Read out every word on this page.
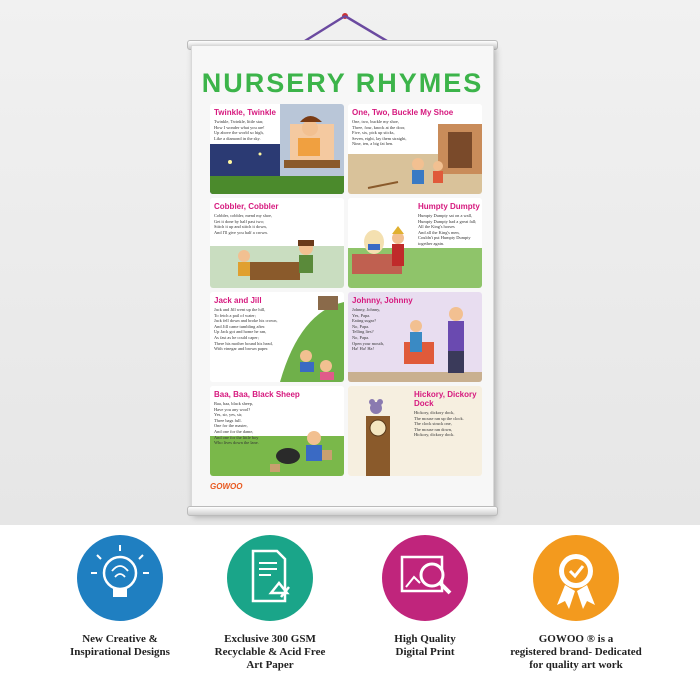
NURSERY RHYMES
Twinkle, Twinkle
Twinkle, Twinkle, little star,
How I wonder what you are!
Up above the world so high,
Like a diamond in the sky.
One, Two, Buckle My Shoe
One, two, buckle my shoe,
Three, four, knock at the door,
Five, six, pick up sticks,
Seven, eight, lay them straight,
Nine, ten, a big fat hen.
Cobbler, Cobbler
Cobbler, cobbler, mend my shoe,
Get it done by half past two;
Stitch it up and stitch it down,
And I'll give you half a crown.
Humpty Dumpty
Humpty Dumpty sat on a wall,
Humpty Dumpty had a great fall;
All the King's horses
And all the King's men,
Couldn't put Humpty Dumpty
together again.
Jack and Jill
Jack and Jill went up the hill,
To fetch a pail of water;
Jack fell down and broke his crown,
And Jill came tumbling after.
Up Jack got and home he ran,
As fast as he could caper;
There his mother bound his head,
With vinegar and brown paper.
Johnny, Johnny
Johnny, Johnny,
Yes, Papa.
Eating sugar?
No, Papa.
Telling lies?
No, Papa.
Open your mouth,
Ha! Ha! Ha!
Baa, Baa, Black Sheep
Baa, baa, black sheep,
Have you any wool?
Yes, sir, yes, sir,
Three bags full.
One for the master,
And one for the dame,
And one for the little boy
Who lives down the lane.
Hickory, Dickory Dock
Hickory, dickory dock,
The mouse ran up the clock.
The clock struck one,
The mouse ran down,
Hickory, dickory dock.
GOWOO
New Creative &
Inspirational Designs
Exclusive 300 GSM
Recyclable & Acid Free
Art Paper
High Quality
Digital Print
GOWOO ® is a
registered brand- Dedicated
for quality art work
